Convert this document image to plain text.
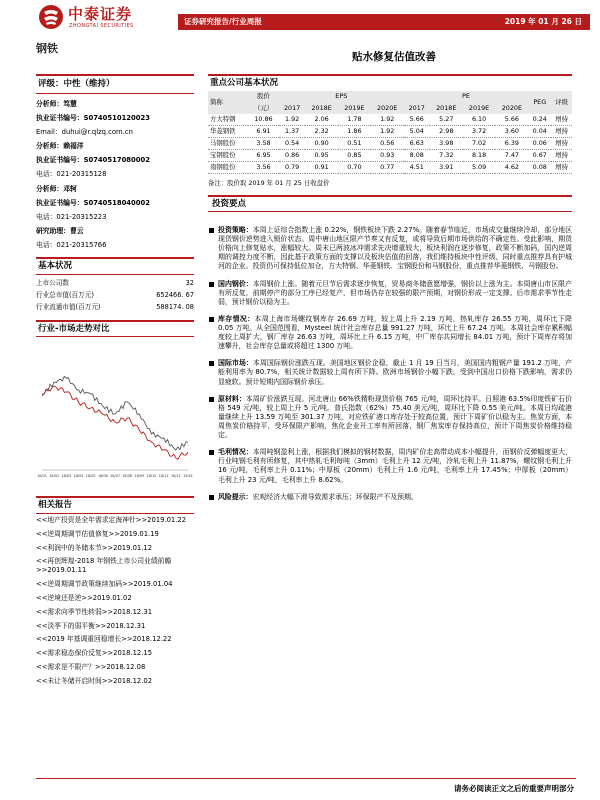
中泰证券
ZHONGTAI SECURITIES	证券研究报告/行业周报	2019 年 01 月 26 日
钢铁
贴水修复估值改善
评级：中性（维持）
分析师：笃慧
执业证书编号：S0740510120023
Email：duhui@r.qlzq.com.cn
分析师：赖福洋
执业证书编号：S0740517080002
电话：021-20315128
分析师：邓轲
执业证书编号：S0740518040002
电话：021-20315223
研究助理：曹云
电话：021-20315766
基本状况
上市公司数	32
行业总市值(百万元)	652466. 67
行业流通市值(百万元)	588174. 08
行业-市场走势对比
18/01 18/02 18/03 18/04 18/05 18/06 18/07 18/08 18/09 18/10 18/11 18/12 19/01
相关报告
<<地产投资是全年需求定海神针>>2019.01.22
<<逆周期调节估值修复>>2019.01.19
<<利润中的冬储本节>>2019.01.12
<<再创辉煌-2018 年钢铁上市公司业绩前瞻>>2019.01.11
<<逆周期调节政策继续加码>>2019.01.04
<<逆境还是逆>>2019.01.02
<<需求向季节性转弱>>2018.12.31
<<淡季下的弱平衡>>2018.12.31
<<2019 年基调重回稳增长>>2018.12.22
<<需求稳态保价反复>>2018.12.15
<<需求是不限产？>>2018.12.08
<<未让冬储开启时间>>2018.12.02
重点公司基本状况
简称	股价	EPS				PE				PEG	评级
	（元）	2017	2018E	2019E	2020E	2017	2018E	2019E	2020E		
方大特钢	10.86	1.92	2.06	1.78	1.92	5.66	5.27	6.10	5.66	0.24	增持
华菱钢铁	6.91	1.37	2.32	1.86	1.92	5.04	2.98	3.72	3.60	0.04	增持
马钢股份	3.58	0.54	0.90	0.51	0.56	6.63	3.98	7.02	6.39	0.06	增持
宝钢股份	6.95	0.86	0.95	0.85	0.93	8.08	7.32	8.18	7.47	0.67	增持
南钢股份	3.56	0.79	0.91	0.70	0.77	4.51	3.91	5.09	4.62	0.08	增持
备注：股价取 2019 年 01 月 25 日收盘价
投资要点
投资策略：本周上证综合指数上涨 0.22%，钢铁板块下跌 2.27%。随着春节临近，市场成交量继续冷却，部分地区现货钢价逆势进入锁价状态。周中唐山地区限产节奏又有反复，或将导致后期市场供给的不确定性。受此影响，期货价格向上修复贴水，涨幅较大。周末已两波冰冲需求先决增重较大，板块利润在逐步修复，政策不断加码，国内逆周期的调控力度不断，因此基于政策方面的支撑以及板块估值的回落，我们维持板块中性评级，同时重点推荐具有护城河的企业。投资仍可保持低位加仓，方大特钢、华菱钢铁、宝钢股份和马钢股份，重点推荐华菱钢铁、马钢股份。
国内钢价：本周钢价上涨。随着元旦节后需求逐步恢复，贸易商冬储意愿增强，钢价以上涨为主。本周唐山市区限产有所反复，前期停产的部分工序已经复产，但市场仍存在较强的限产预期，对钢价形成一定支撑。后市需求季节性走弱，预计钢价以稳为主。
库存情况：本周上海市场螺纹钢库存 26.69 万吨，较上周上升 2.19 万吨，热轧库存 26.55 万吨，周环比下降 0.05 万吨。从全国范围看，Mysteel 统计社会库存总量 991.27 万吨，环比上升 67.24 万吨。本周社会库存累积幅度较上周扩大，钢厂库存 26.63 万吨，周环比上升 6.15 万吨，中厂库存共同增长 84.01 万吨，预计下周库存将加速攀升，社会库存总量或将超过 1300 万吨。
国际市场：本周国际钢价涨跌互现。美国地区钢价企稳，截止 1 月 19 日当月，美国国内粗钢产量 191.2 万吨，产能利用率为 80.7%，相关统计数据较上周有所下降。欧洲市场钢价小幅下跌，受到中国出口价格下跌影响，需求仍显疲软。预计短期内国际钢价承压。
原材料：本周矿价涨跌互现。河北唐山 66%铁精粉现货价格 765 元/吨，周环比持平。日照港 63.5%印度铁矿石价格 549 元/吨，较上周上升 5 元/吨。普氏指数（62%）75.40 美元/吨，周环比下降 0.55 美元/吨。本周日均疏港量继续上升 13.59 万吨至 301.37 万吨，对应铁矿港口库存处于较高位置，预计下周矿价以稳为主。焦炭方面，本周焦炭价格持平，受环保限产影响，焦化企业开工率有所回落，钢厂焦炭库存保持高位，预计下周焦炭价格维持稳定。
毛利情况：本周吨钢盈利上涨，根据我们模拟的钢材数据，周内矿价走高带动成本小幅提升，而钢价反弹幅度更大，行业吨钢毛利有所修复，其中热轧毛利每吨（3mm）毛利上升 12 元/吨，冷轧毛利上升 11.87%，螺纹钢毛利上升 16 元/吨，毛利率上升 0.11%；中厚板（20mm）毛利上升 1.6 元/吨，毛利率上升 17.45%；中厚板（20mm）毛利上升 23 元/吨，毛利率上升 8.62%。
风险提示：宏观经济大幅下滑导致需求承压；环保限产不及预期。
请务必阅读正文之后的重要声明部分
